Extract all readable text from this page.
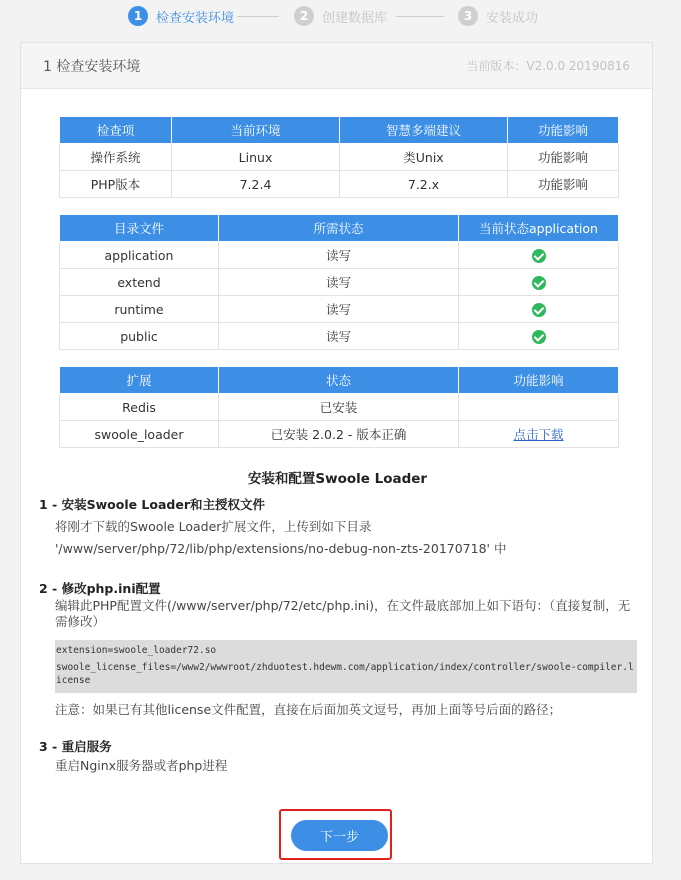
1	检查安装环境	2	创建数据库	3	安装成功
1 检查安装环境	当前版本：V2.0.0 20190816
检查项	当前环境	智慧多端建议	功能影响
操作系统	Linux	类Unix	功能影响
PHP版本	7.2.4	7.2.x	功能影响
目录文件	所需状态	当前状态application
application	读写	
extend	读写	
runtime	读写	
public	读写	
扩展	状态	功能影响
Redis	已安装	
swoole_loader	已安装 2.0.2 - 版本正确	点击下载
安装和配置Swoole Loader
1 - 安装Swoole Loader和主授权文件
将刚才下载的Swoole Loader扩展文件，上传到如下目录 '/www/server/php/72/lib/php/extensions/no-debug-non-zts-20170718' 中
2 - 修改php.ini配置
编辑此PHP配置文件(/www/server/php/72/etc/php.ini)，在文件最底部加上如下语句：（直接复制，无需修改）
extension=swoole_loader72.so
swoole_license_files=/www2/wwwroot/zhduotest.hdewm.com/application/index/controller/swoole-compiler.license
注意：如果已有其他license文件配置，直接在后面加英文逗号，再加上面等号后面的路径；
3 - 重启服务
重启Nginx服务器或者php进程
下一步
